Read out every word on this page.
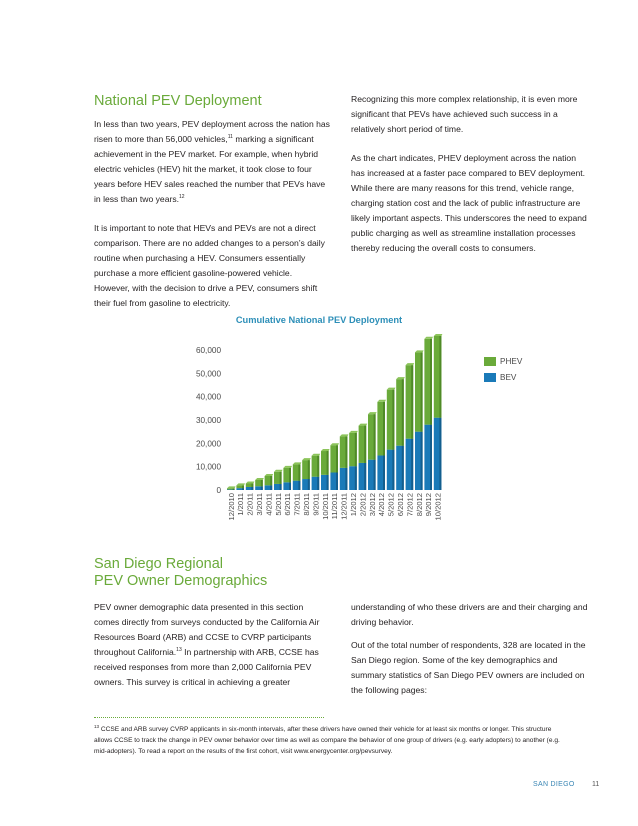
National PEV Deployment

In less than two years, PEV deployment across the nation has risen to more than 56,000 vehicles,$^{11}$ marking a significant achievement in the PEV market. For example, when hybrid electric vehicles (HEV) hit the market, it took close to four years before HEV sales reached the number that PEVs have in less than two years.$^{12}$

It is important to note that HEVs and PEVs are not a direct comparison. There are no added changes to a person’s daily routine when purchasing a HEV. Consumers essentially purchase a more efficient gasoline-powered vehicle. However, with the decision to drive a PEV, consumers shift their fuel from gasoline to electricity.

Recognizing this more complex relationship, it is even more significant that PEVs have achieved such success in a relatively short period of time.

As the chart indicates, PHEV deployment across the nation has increased at a faster pace compared to BEV deployment. While there are many reasons for this trend, vehicle range, charging station cost and the lack of public infrastructure are likely important aspects. This underscores the need to expand public charging as well as streamline installation processes thereby reducing the overall costs to consumers.

Cumulative National PEV Deployment
0
10,000
20,000
30,000
40,000
50,000
60,000
12/2010 1/2011 2/2011 3/2011 4/2011 5/2011 6/2011 7/2011 8/2011 9/2011 10/2011 11/2011 12/2011 1/2012 2/2012 3/2012 4/2012 5/2012 6/2012 7/2012 8/2012 9/2012 10/2012
PHEV
BEV
San Diego Regional
PEV Owner Demographics

PEV owner demographic data presented in this section comes directly from surveys conducted by the California Air Resources Board (ARB) and CCSE to CVRP participants throughout California.$^{13}$ In partnership with ARB, CCSE has received responses from more than 2,000 California PEV owners. This survey is critical in achieving a greater

understanding of who these drivers are and their charging and driving behavior.

Out of the total number of respondents, 328 are located in the San Diego region. Some of the key demographics and summary statistics of San Diego PEV owners are included on the following pages:

$^{13}$ CCSE and ARB survey CVRP applicants in six-month intervals, after these drivers have owned their vehicle for at least six months or longer. This structure allows CCSE to track the change in PEV owner behavior over time as well as compare the behavior of one group of drivers (e.g. early adopters) to another (e.g. mid-adopters). To read a report on the results of the first cohort, visit www.energycenter.org/pevsurvey.
SAN DIEGO 11
